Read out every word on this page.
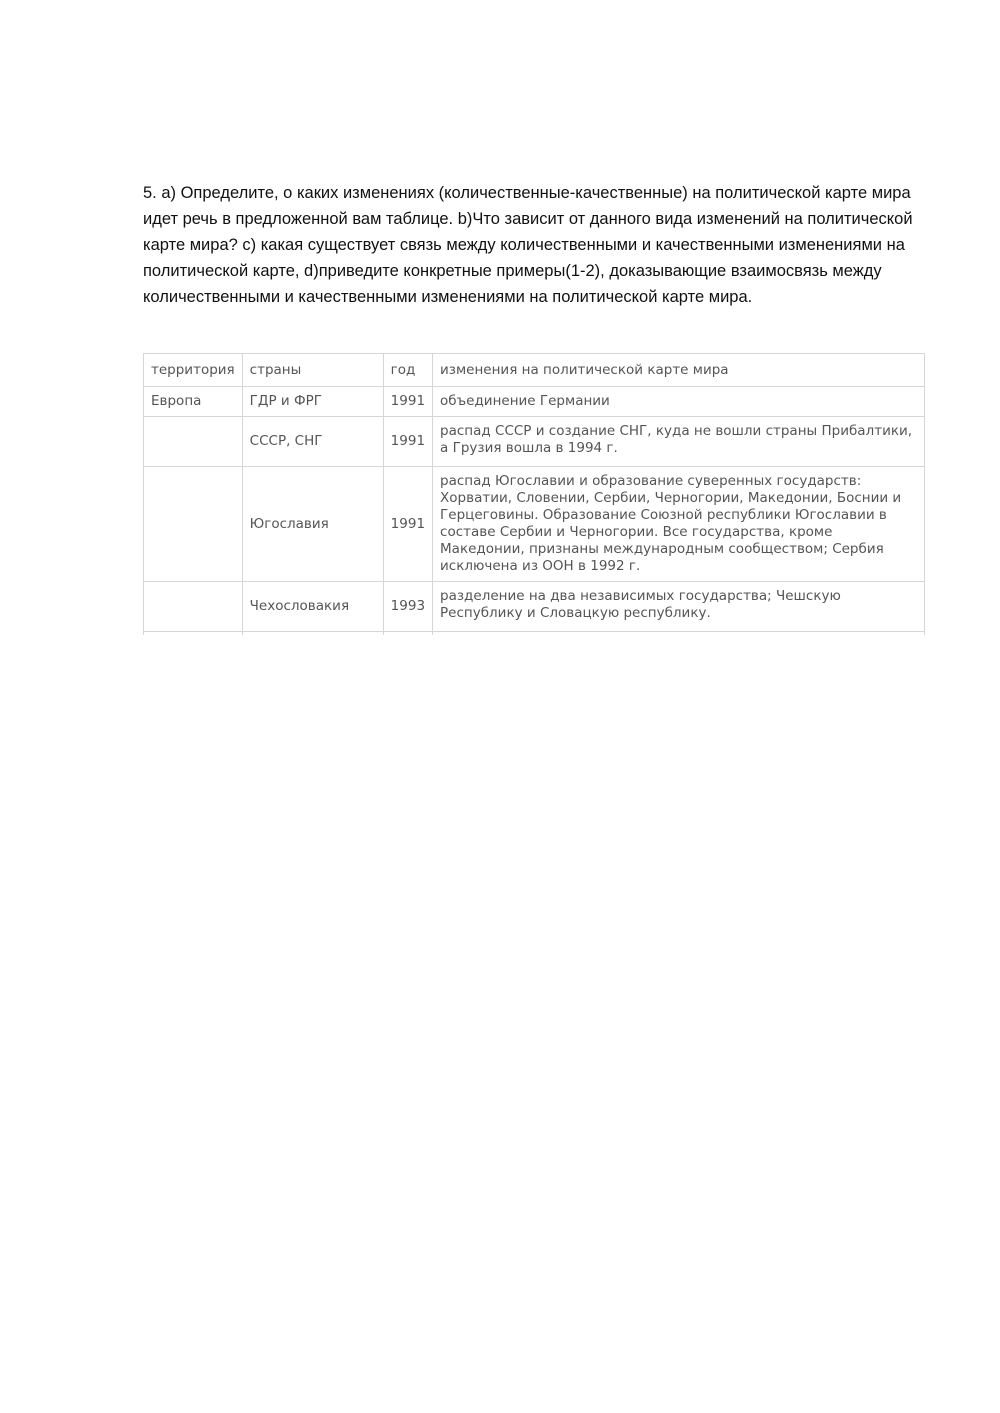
5. а) Определите, о каких изменениях (количественные-качественные) на политической карте мира идет речь в предложенной вам таблице. b)Что зависит от данного вида изменений на политической карте мира? с) какая существует связь между количественными и качественными изменениями на политической карте, d)приведите конкретные примеры(1-2), доказывающие взаимосвязь между количественными и качественными изменениями на политической карте мира.

территория	страны	год	изменения на политической карте мира
Европа	ГДР и ФРГ	1991	объединение Германии
	СССР, СНГ	1991	распад СССР и создание СНГ, куда не вошли страны Прибалтики, а Грузия вошла в 1994 г.
	Югославия	1991	распад Югославии и образование суверенных государств: Хорватии, Словении, Сербии, Черногории, Македонии, Боснии и Герцеговины. Образование Союзной республики Югославии в составе Сербии и Черногории. Все государства, кроме Македонии, признаны международным сообществом; Сербия исключена из ООН в 1992 г.
	Чехословакия	1993	разделение на два независимых государства; Чешскую Республику и Словацкую республику.
